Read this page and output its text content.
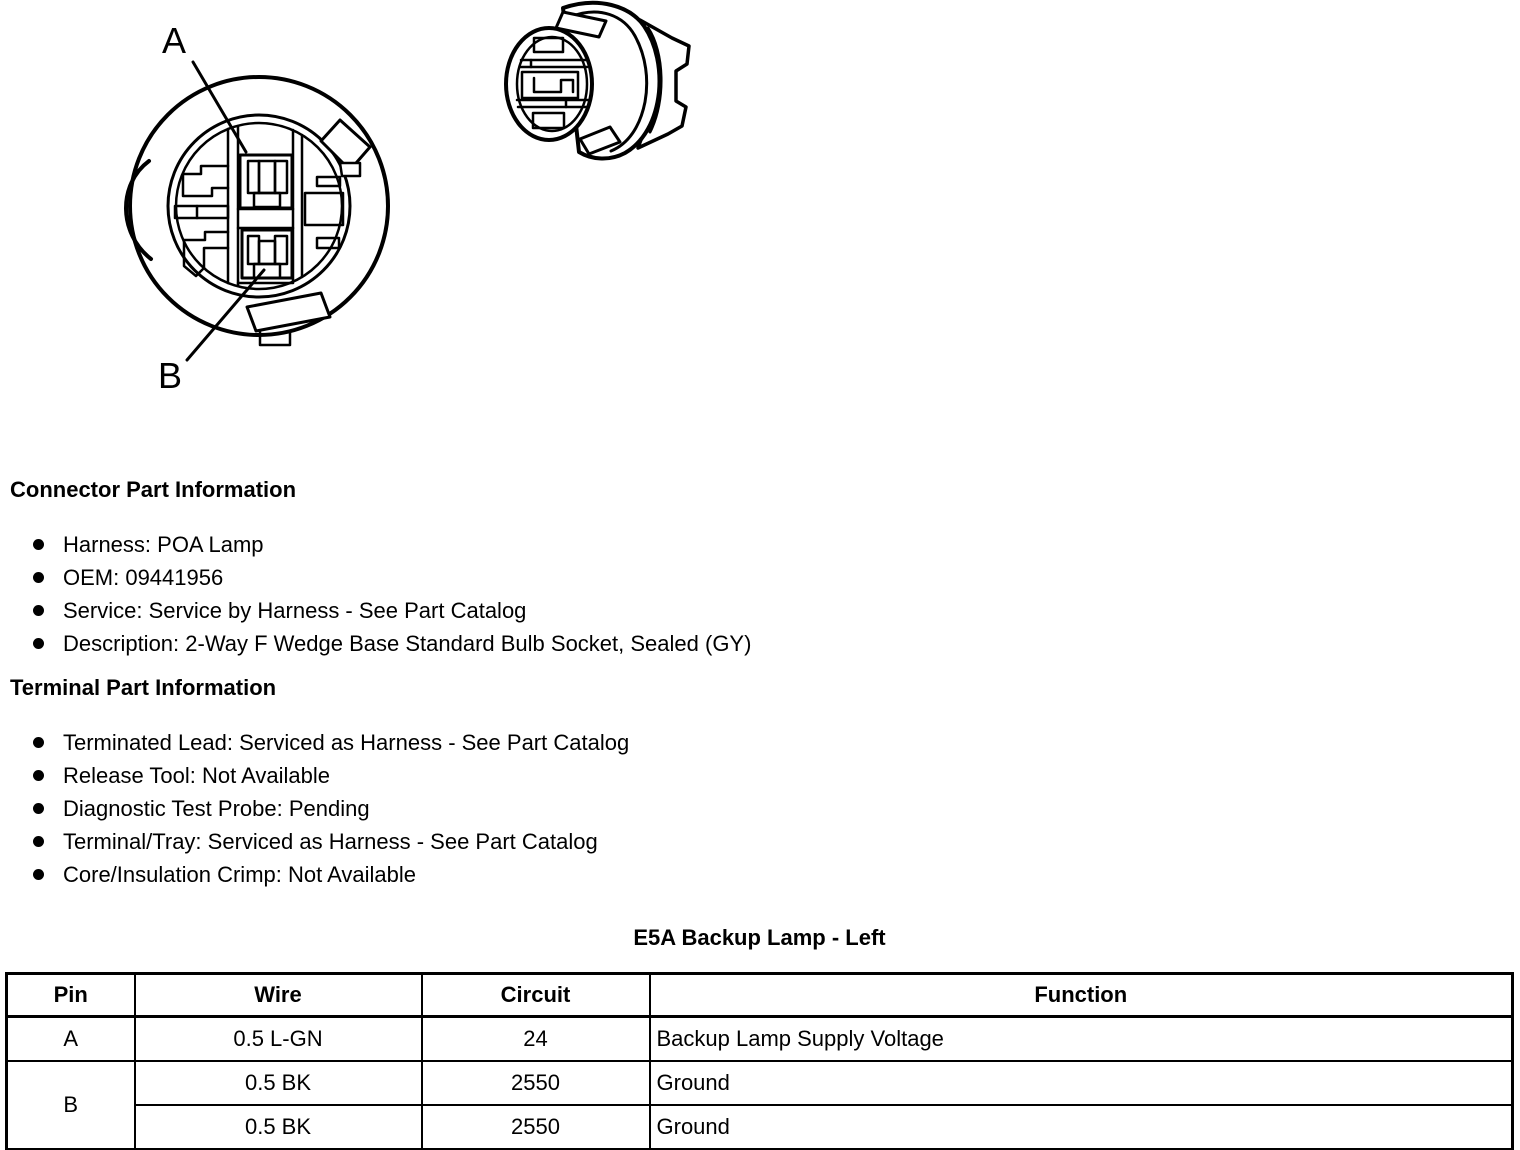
A
B
Connector Part Information
Harness: POA Lamp
OEM: 09441956
Service: Service by Harness - See Part Catalog
Description: 2-Way F Wedge Base Standard Bulb Socket, Sealed (GY)
Terminal Part Information
Terminated Lead: Serviced as Harness - See Part Catalog
Release Tool: Not Available
Diagnostic Test Probe: Pending
Terminal/Tray: Serviced as Harness - See Part Catalog
Core/Insulation Crimp: Not Available
E5A Backup Lamp - Left
Pin	Wire	Circuit	Function
A	0.5 L-GN	24	Backup Lamp Supply Voltage
B	0.5 BK	2550	Ground
	0.5 BK	2550	Ground
